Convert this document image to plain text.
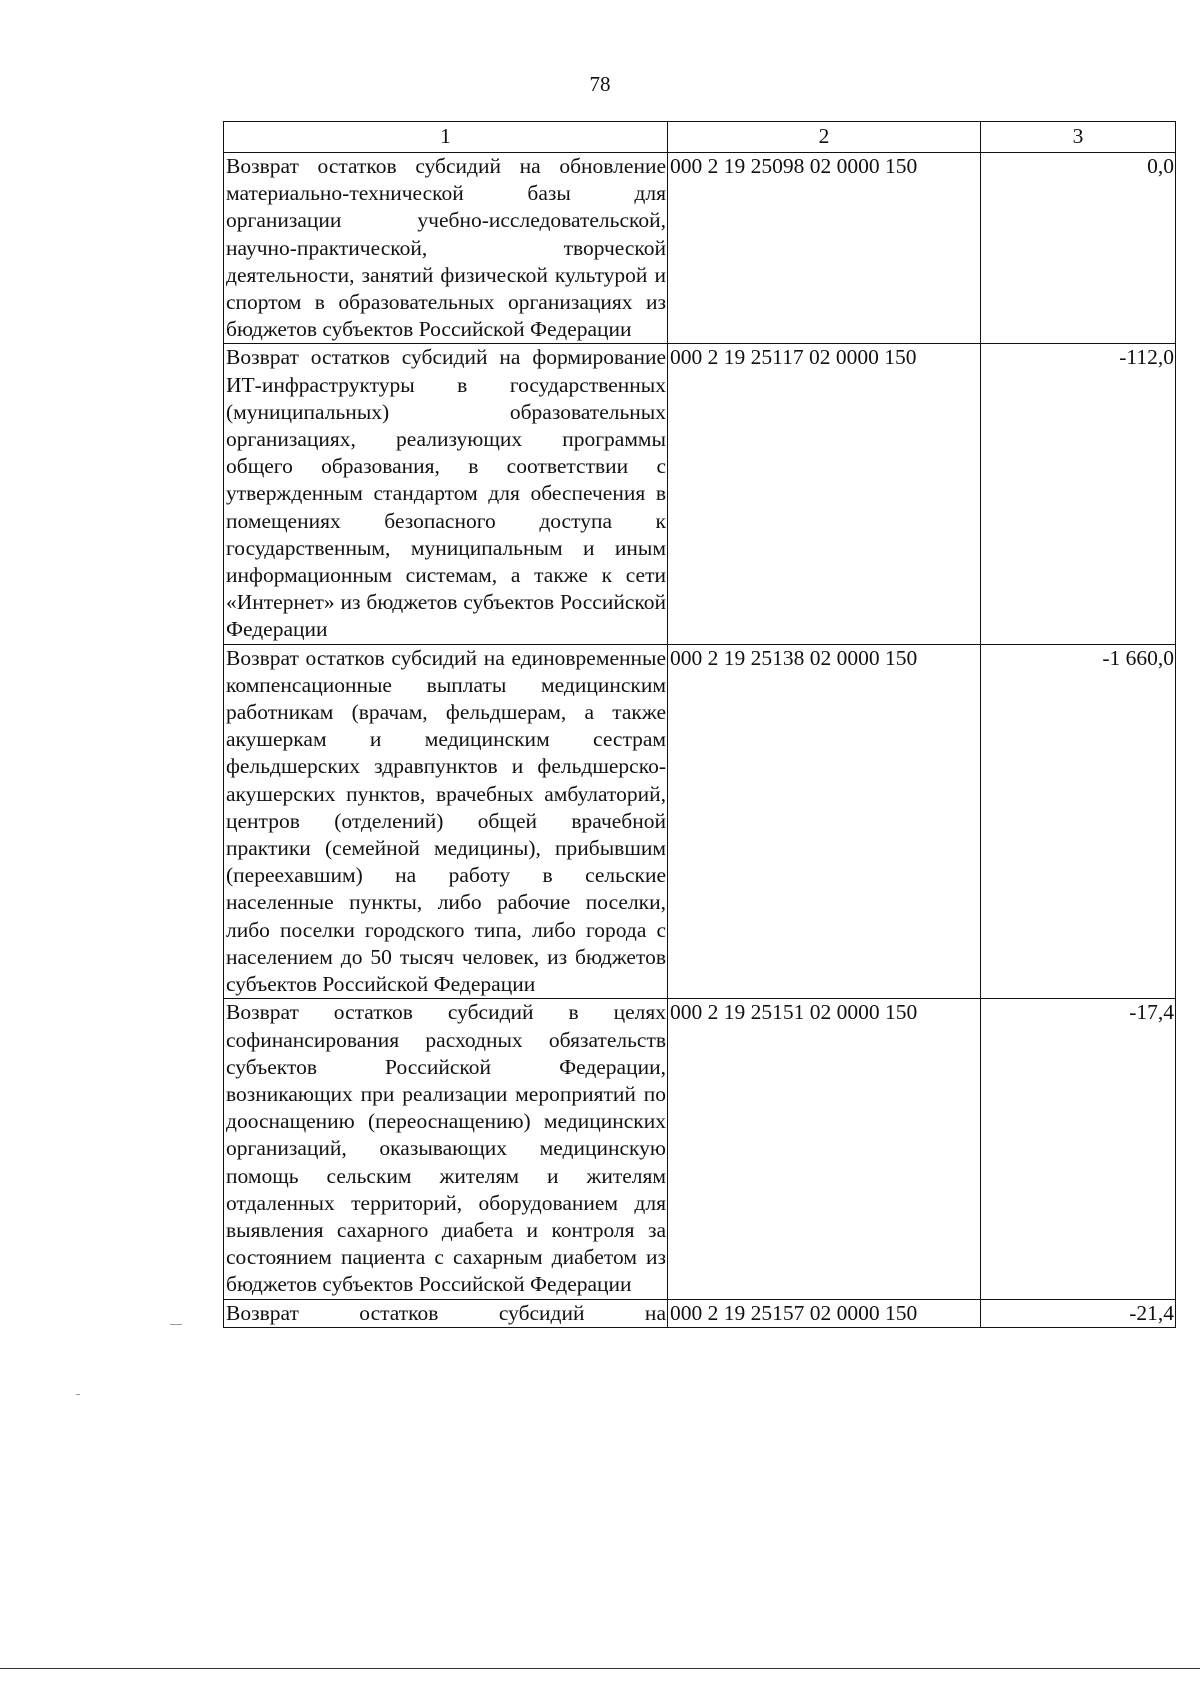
78
1	2	3
Возврат остатков субсидий на обновление материально-технической базы для организации учебно-исследовательской, научно-практической, творческой деятельности, занятий физической культурой и спортом в образовательных организациях из бюджетов субъектов Российской Федерации	000 2 19 25098 02 0000 150	0,0
Возврат остатков субсидий на формирование ИТ-инфраструктуры в государственных (муниципальных) образовательных организациях, реализующих программы общего образования, в соответствии с утвержденным стандартом для обеспечения в помещениях безопасного доступа к государственным, муниципальным и иным информационным системам, а также к сети «Интернет» из бюджетов субъектов Российской Федерации	000 2 19 25117 02 0000 150	-112,0
Возврат остатков субсидий на единовременные компенсационные выплаты медицинским работникам (врачам, фельдшерам, а также акушеркам и медицинским сестрам фельдшерских здравпунктов и фельдшерско-акушерских пунктов, врачебных амбулаторий, центров (отделений) общей врачебной практики (семейной медицины), прибывшим (переехавшим) на работу в сельские населенные пункты, либо рабочие поселки, либо поселки городского типа, либо города с населением до 50 тысяч человек, из бюджетов субъектов Российской Федерации	000 2 19 25138 02 0000 150	-1 660,0
Возврат остатков субсидий в целях софинансирования расходных обязательств субъектов Российской Федерации, возникающих при реализации мероприятий по дооснащению (переоснащению) медицинских организаций, оказывающих медицинскую помощь сельским жителям и жителям отдаленных территорий, оборудованием для выявления сахарного диабета и контроля за состоянием пациента с сахарным диабетом из бюджетов субъектов Российской Федерации	000 2 19 25151 02 0000 150	-17,4
Возврат остатков субсидий на	000 2 19 25157 02 0000 150	-21,4
